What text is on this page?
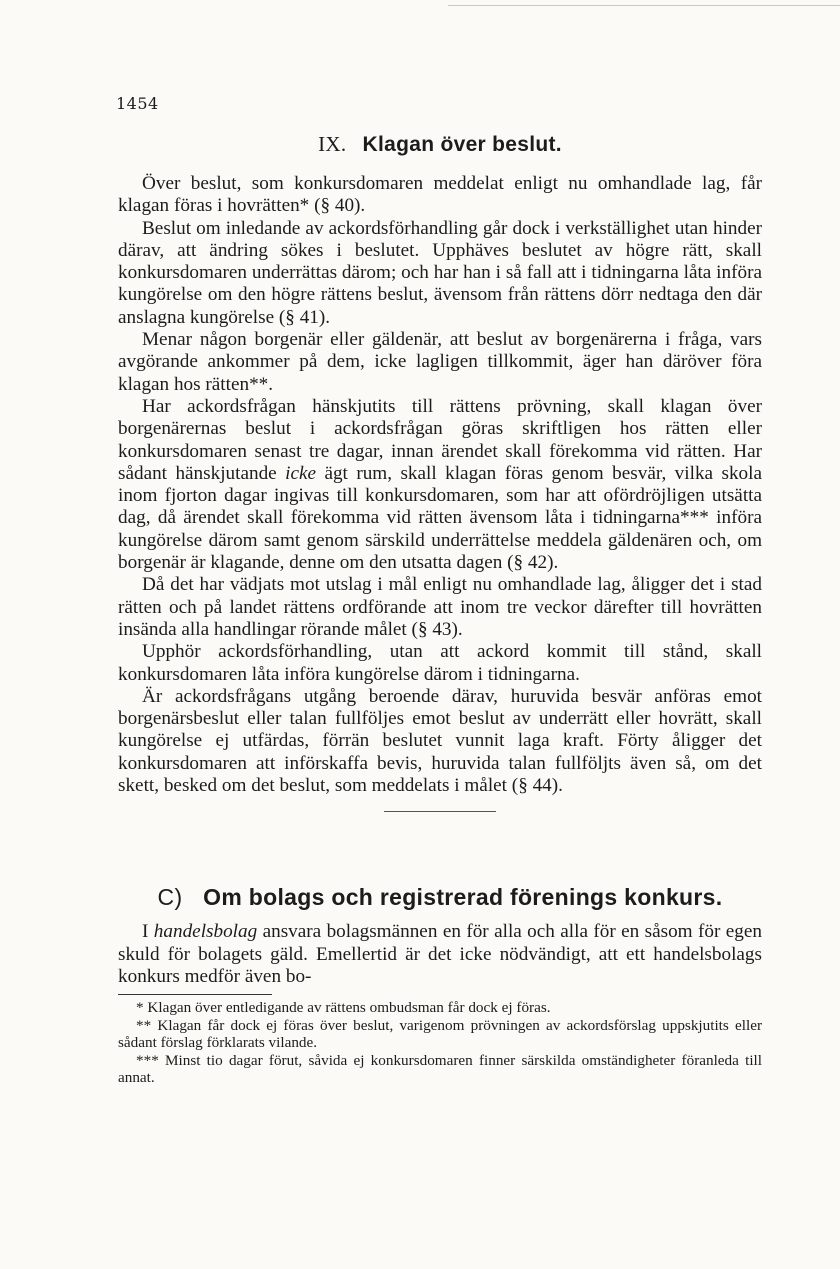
1454
IX. Klagan över beslut.

Över beslut, som konkursdomaren meddelat enligt nu omhandlade lag, får klagan föras i hovrätten* (§ 40).

Beslut om inledande av ackordsförhandling går dock i verkställighet utan hinder därav, att ändring sökes i beslutet. Upphäves beslutet av högre rätt, skall konkursdomaren underrättas därom; och har han i så fall att i tidningarna låta införa kungörelse om den högre rättens beslut, ävensom från rättens dörr nedtaga den där anslagna kungörelse (§ 41).

Menar någon borgenär eller gäldenär, att beslut av borgenärerna i fråga, vars avgörande ankommer på dem, icke lagligen tillkommit, äger han däröver föra klagan hos rätten**.

Har ackordsfrågan hänskjutits till rättens prövning, skall klagan över borgenärernas beslut i ackordsfrågan göras skriftligen hos rätten eller konkursdomaren senast tre dagar, innan ärendet skall förekomma vid rätten. Har sådant hänskjutande icke ägt rum, skall klagan föras genom besvär, vilka skola inom fjorton dagar ingivas till konkursdomaren, som har att ofördröjligen utsätta dag, då ärendet skall förekomma vid rätten ävensom låta i tidningarna*** införa kungörelse därom samt genom särskild underrättelse meddela gäldenären och, om borgenär är klagande, denne om den utsatta dagen (§ 42).

Då det har vädjats mot utslag i mål enligt nu omhandlade lag, åligger det i stad rätten och på landet rättens ordförande att inom tre veckor därefter till hovrätten insända alla handlingar rörande målet (§ 43).

Upphör ackordsförhandling, utan att ackord kommit till stånd, skall konkursdomaren låta införa kungörelse därom i tidningarna.

Är ackordsfrågans utgång beroende därav, huruvida besvär anföras emot borgenärsbeslut eller talan fullföljes emot beslut av underrätt eller hovrätt, skall kungörelse ej utfärdas, förrän beslutet vunnit laga kraft. Förty åligger det konkursdomaren att införskaffa bevis, huruvida talan fullföljts även så, om det skett, besked om det beslut, som meddelats i målet (§ 44).

C) Om bolags och registrerad förenings konkurs.

I handelsbolag ansvara bolagsmännen en för alla och alla för en såsom för egen skuld för bolagets gäld. Emellertid är det icke nödvändigt, att ett handelsbolags konkurs medför även bo-

* Klagan över entledigande av rättens ombudsman får dock ej föras.

** Klagan får dock ej föras över beslut, varigenom prövningen av ackordsförslag uppskjutits eller sådant förslag förklarats vilande.

*** Minst tio dagar förut, såvida ej konkursdomaren finner särskilda omständigheter föranleda till annat.
